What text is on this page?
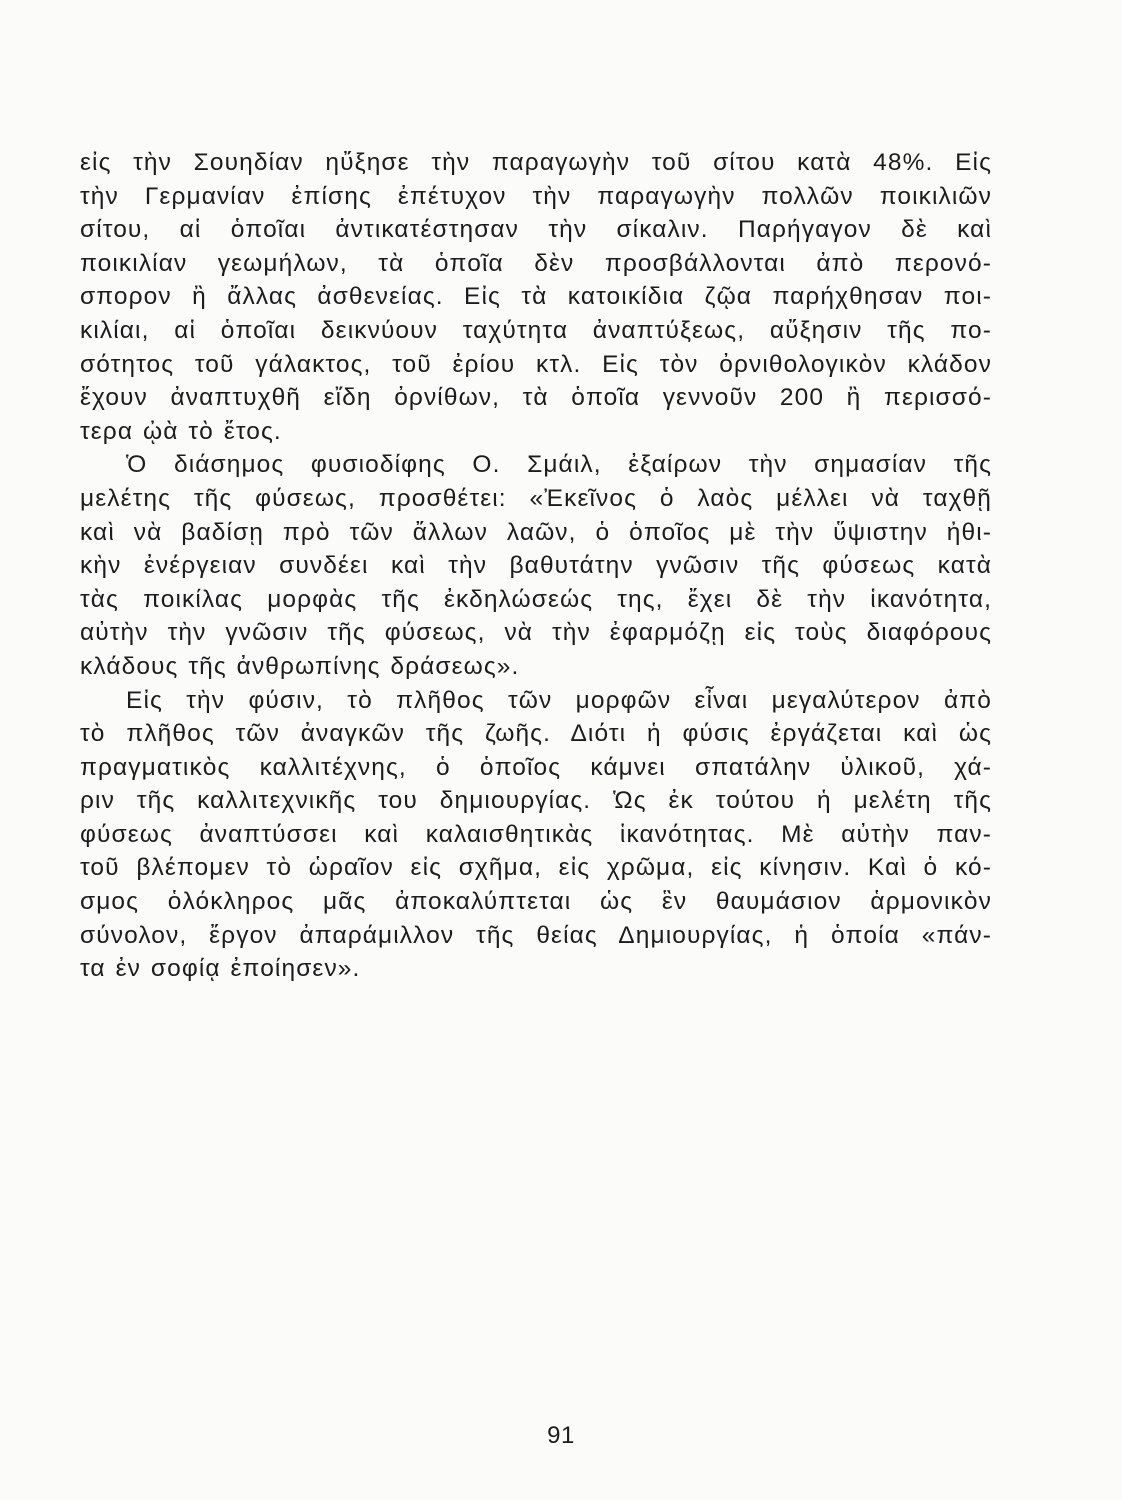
εἰς τὴν Σουηδίαν ηὔξησε τὴν παραγωγὴν τοῦ σίτου κατὰ 48%. Εἰς
τὴν Γερμανίαν ἐπίσης ἐπέτυχον τὴν παραγωγὴν πολλῶν ποικιλιῶν
σίτου, αἱ ὁποῖαι ἀντικατέστησαν τὴν σίκαλιν. Παρήγαγον δὲ καὶ
ποικιλίαν γεωμήλων, τὰ ὁποῖα δὲν προσβάλλονται ἀπὸ περονό-
σπορον ἢ ἄλλας ἀσθενείας. Εἰς τὰ κατοικίδια ζῷα παρήχθησαν ποι-
κιλίαι, αἱ ὁποῖαι δεικνύουν ταχύτητα ἀναπτύξεως, αὔξησιν τῆς πο-
σότητος τοῦ γάλακτος, τοῦ ἐρίου κτλ. Εἰς τὸν ὀρνιθολογικὸν κλάδον
ἔχουν ἀναπτυχθῆ εἴδη ὀρνίθων, τὰ ὁποῖα γεννοῦν 200 ἢ περισσό-
τερα ᾠὰ τὸ ἔτος.

Ὁ διάσημος φυσιοδίφης Ο. Σμάιλ, ἐξαίρων τὴν σημασίαν τῆς
μελέτης τῆς φύσεως, προσθέτει: «Ἐκεῖνος ὁ λαὸς μέλλει νὰ ταχθῇ
καὶ νὰ βαδίσῃ πρὸ τῶν ἄλλων λαῶν, ὁ ὁποῖος μὲ τὴν ὕψιστην ἠθι-
κὴν ἐνέργειαν συνδέει καὶ τὴν βαθυτάτην γνῶσιν τῆς φύσεως κατὰ
τὰς ποικίλας μορφὰς τῆς ἐκδηλώσεώς της, ἔχει δὲ τὴν ἱκανότητα,
αὐτὴν τὴν γνῶσιν τῆς φύσεως, νὰ τὴν ἐφαρμόζῃ εἰς τοὺς διαφόρους
κλάδους τῆς ἀνθρωπίνης δράσεως».

Εἰς τὴν φύσιν, τὸ πλῆθος τῶν μορφῶν εἶναι μεγαλύτερον ἀπὸ
τὸ πλῆθος τῶν ἀναγκῶν τῆς ζωῆς. Διότι ἡ φύσις ἐργάζεται καὶ ὡς
πραγματικὸς καλλιτέχνης, ὁ ὁποῖος κάμνει σπατάλην ὑλικοῦ, χά-
ριν τῆς καλλιτεχνικῆς του δημιουργίας. Ὡς ἐκ τούτου ἡ μελέτη τῆς
φύσεως ἀναπτύσσει καὶ καλαισθητικὰς ἱκανότητας. Μὲ αὐτὴν παν-
τοῦ βλέπομεν τὸ ὡραῖον εἰς σχῆμα, εἰς χρῶμα, εἰς κίνησιν. Καὶ ὁ κό-
σμος ὁλόκληρος μᾶς ἀποκαλύπτεται ὡς ἓν θαυμάσιον ἁρμονικὸν
σύνολον, ἔργον ἀπαράμιλλον τῆς θείας Δημιουργίας, ἡ ὁποία «πάν-
τα ἐν σοφίᾳ ἐποίησεν».

91
